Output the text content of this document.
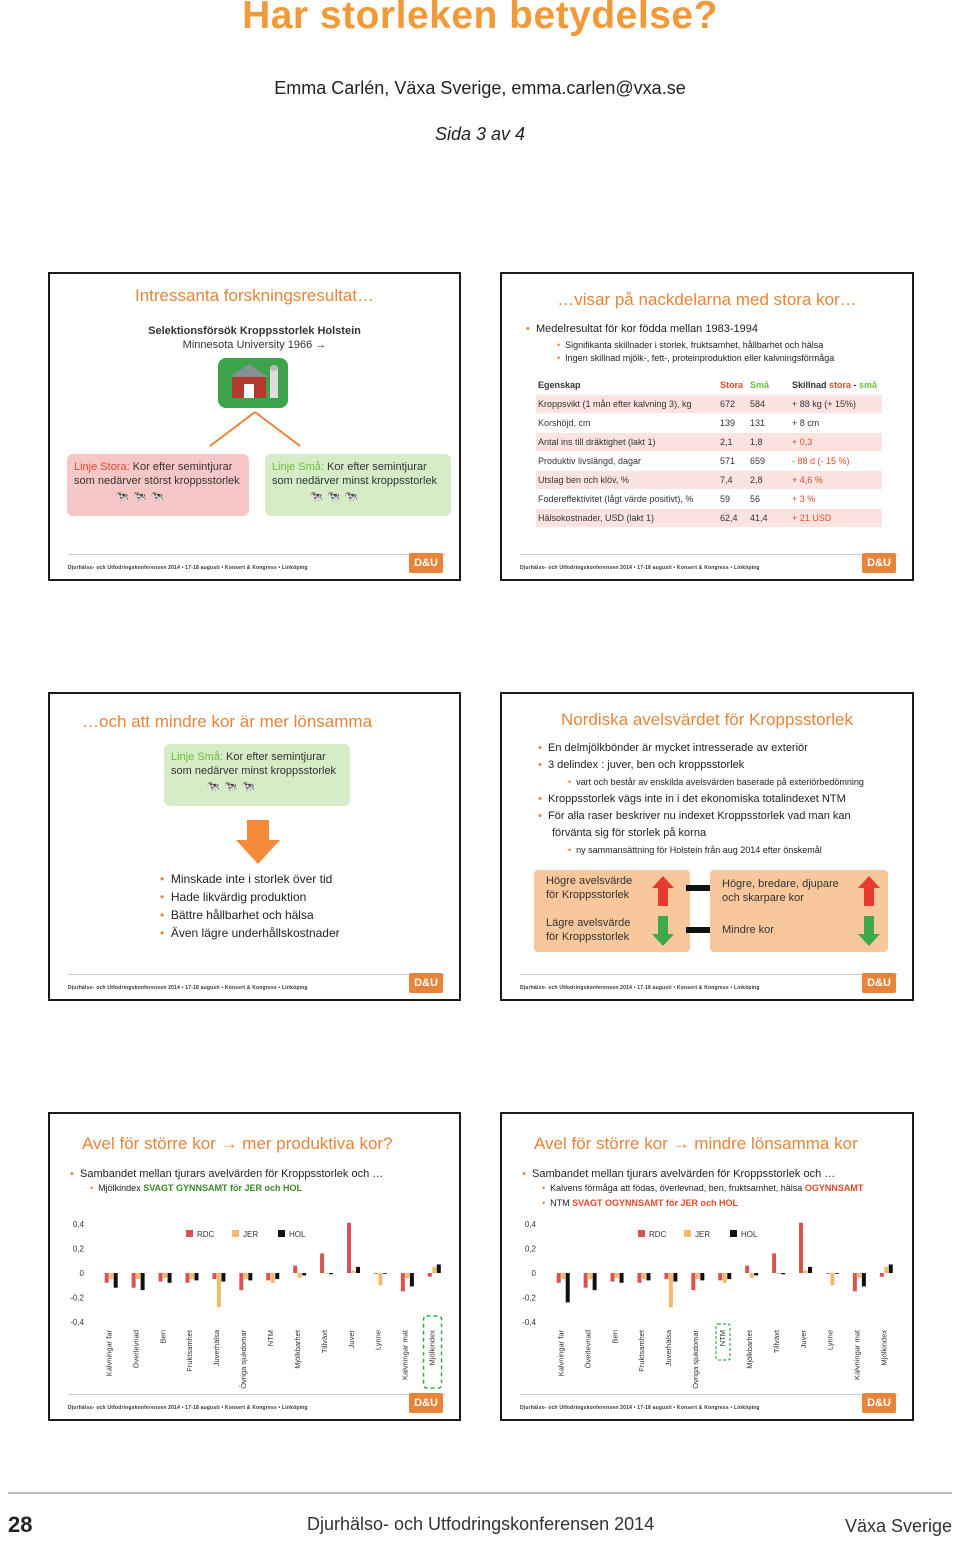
Har storleken betydelse?
Emma Carlén, Växa Sverige, emma.carlen@vxa.se
Sida 3 av 4
Intressanta forskningsresultat…
Selektionsförsök Kroppsstorlek Holstein
Minnesota University 1966 →
Linje Stora: Kor efter semintjurar
som nedärver störst kroppsstorlek
🐄🐄🐄
Linje Små: Kor efter semintjurar
som nedärver minst kroppsstorlek
🐄🐄🐄
Djurhälso- och Utfodringskonferensen 2014 • 17-18 augusti • Konsert & Kongress • Linköping	D&U
…visar på nackdelarna med stora kor…
• Medelresultat för kor födda mellan 1983-1994
• Signifikanta skillnader i storlek, fruktsamhet, hållbarhet och hälsa
• Ingen skillnad mjölk-, fett-, proteinproduktion eller kalvningsförmåga
Egenskap	Stora Små	Skillnad stora - små
Kroppsvikt (1 mån efter kalvning 3), kg	672 584	+ 88 kg (+ 15%)
Korshöjd, cm	139 131	+ 8 cm
Antal ins till dräktighet (lakt 1)	2,1 1,8	+ 0,3
Produktiv livslängd, dagar	571 659	- 88 d (- 15 %)
Utslag ben och klöv, %	7,4 2,8	+ 4,6 %
Fodereffektivitet (lågt värde positivt), %	59 56	+ 3 %
Hälsokostnader, USD (lakt 1)	62,4 41,4	+ 21 USD
Djurhälso- och Utfodringskonferensen 2014 • 17-18 augusti • Konsert & Kongress • Linköping	D&U
…och att mindre kor är mer lönsamma
Linje Små: Kor efter semintjurar
som nedärver minst kroppsstorlek
🐄🐄🐄
• Minskade inte i storlek över tid
• Hade likvärdig produktion
• Bättre hållbarhet och hälsa
• Även lägre underhållskostnader
Djurhälso- och Utfodringskonferensen 2014 • 17-18 augusti • Konsert & Kongress • Linköping	D&U
Nordiska avelsvärdet för Kroppsstorlek
• En delmjölkbönder är mycket intresserade av exteriör
• 3 delindex : juver, ben och kroppsstorlek
• vart och består av enskilda avelsvärden baserade på exteriörbedömning
• Kroppsstorlek vägs inte in i det ekonomiska totalindexet NTM
• För alla raser beskriver nu indexet Kroppsstorlek vad man kan
förvänta sig för storlek på korna
• ny sammansättning för Holstein från aug 2014 efter önskemål
Högre avelsvärde
för Kroppsstorlek
Lägre avelsvärde
för Kroppsstorlek
Högre, bredare, djupare
och skarpare kor
Mindre kor
Djurhälso- och Utfodringskonferensen 2014 • 17-18 augusti • Konsert & Kongress • Linköping	D&U
Avel för större kor → mer produktiva kor?
• Sambandet mellan tjurars avelvärden för Kroppsstorlek och …
• Mjölkindex SVAGT GYNNSAMT för JER och HOL
0,4
0,2
0
-0,2
-0,4
RDC	JER	HOL
Kalvningar far Överlevnad Ben Fruktsamhet Juverhälsa Övriga sjukdomar NTM Mjölkbarhet Tillväxt Juver Lynne Kalvningar mat Mjölkindex
Djurhälso- och Utfodringskonferensen 2014 • 17-18 augusti • Konsert & Kongress • Linköping	D&U
Avel för större kor → mindre lönsamma kor
• Sambandet mellan tjurars avelvärden för Kroppsstorlek och …
• Kalvens förmåga att födas, överlevnad, ben, fruktsamhet, hälsa OGYNNSAMT
• NTM SVAGT OGYNNSAMT för JER och HOL
0,4
0,2
0
-0,2
-0,4
RDC	JER	HOL
Kalvningar far Överlevnad Ben Fruktsamhet Juverhälsa Övriga sjukdomar NTM Mjölkbarhet Tillväxt Juver Lynne Kalvningar mat Mjölkindex
Djurhälso- och Utfodringskonferensen 2014 • 17-18 augusti • Konsert & Kongress • Linköping	D&U
28	Djurhälso- och Utfodringskonferensen 2014	Växa Sverige
